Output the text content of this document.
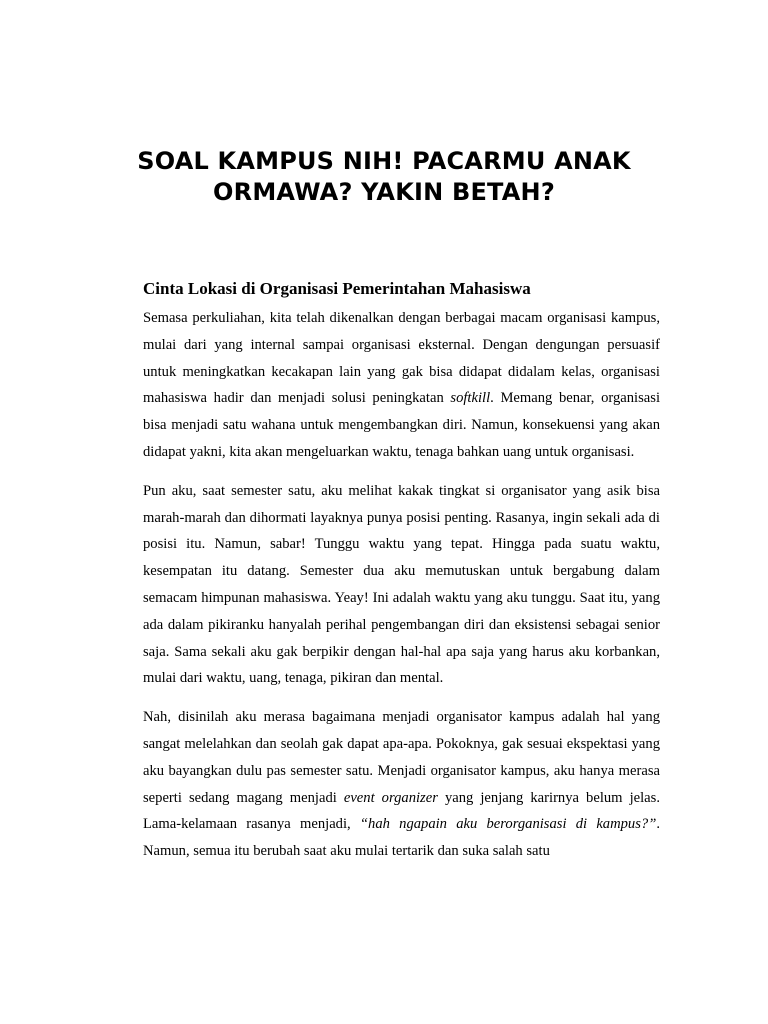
SOAL KAMPUS NIH! PACARMU ANAK
ORMAWA? YAKIN BETAH?
Cinta Lokasi di Organisasi Pemerintahan Mahasiswa

Semasa perkuliahan, kita telah dikenalkan dengan berbagai macam organisasi kampus, mulai dari yang internal sampai organisasi eksternal. Dengan dengungan persuasif untuk meningkatkan kecakapan lain yang gak bisa didapat didalam kelas, organisasi mahasiswa hadir dan menjadi solusi peningkatan softkill. Memang benar, organisasi bisa menjadi satu wahana untuk mengembangkan diri. Namun, konsekuensi yang akan didapat yakni, kita akan mengeluarkan waktu, tenaga bahkan uang untuk organisasi.

Pun aku, saat semester satu, aku melihat kakak tingkat si organisator yang asik bisa marah-marah dan dihormati layaknya punya posisi penting. Rasanya, ingin sekali ada di posisi itu. Namun, sabar! Tunggu waktu yang tepat. Hingga pada suatu waktu, kesempatan itu datang. Semester dua aku memutuskan untuk bergabung dalam semacam himpunan mahasiswa. Yeay! Ini adalah waktu yang aku tunggu. Saat itu, yang ada dalam pikiranku hanyalah perihal pengembangan diri dan eksistensi sebagai senior saja. Sama sekali aku gak berpikir dengan hal-hal apa saja yang harus aku korbankan, mulai dari waktu, uang, tenaga, pikiran dan mental.

Nah, disinilah aku merasa bagaimana menjadi organisator kampus adalah hal yang sangat melelahkan dan seolah gak dapat apa-apa. Pokoknya, gak sesuai ekspektasi yang aku bayangkan dulu pas semester satu. Menjadi organisator kampus, aku hanya merasa seperti sedang magang menjadi event organizer yang jenjang karirnya belum jelas. Lama-kelamaan rasanya menjadi, “hah ngapain aku berorganisasi di kampus?”. Namun, semua itu berubah saat aku mulai tertarik dan suka salah satu
